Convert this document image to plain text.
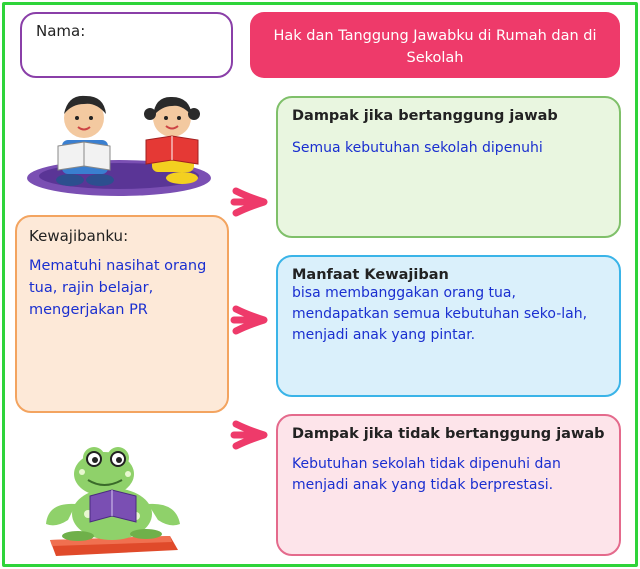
Nama:	Hak dan Tanggung Jawabku di Rumah dan di Sekolah
Kewajibanku:
Mematuhi nasihat orang tua, rajin belajar, mengerjakan PR
Dampak jika bertanggung jawab
Semua kebutuhan sekolah dipenuhi
Manfaat Kewajiban
bisa membanggakan orang tua, mendapatkan semua kebutuhan seko-lah, menjadi anak yang pintar.
Dampak jika tidak bertanggung jawab
Kebutuhan sekolah tidak dipenuhi dan menjadi anak yang tidak berprestasi.
